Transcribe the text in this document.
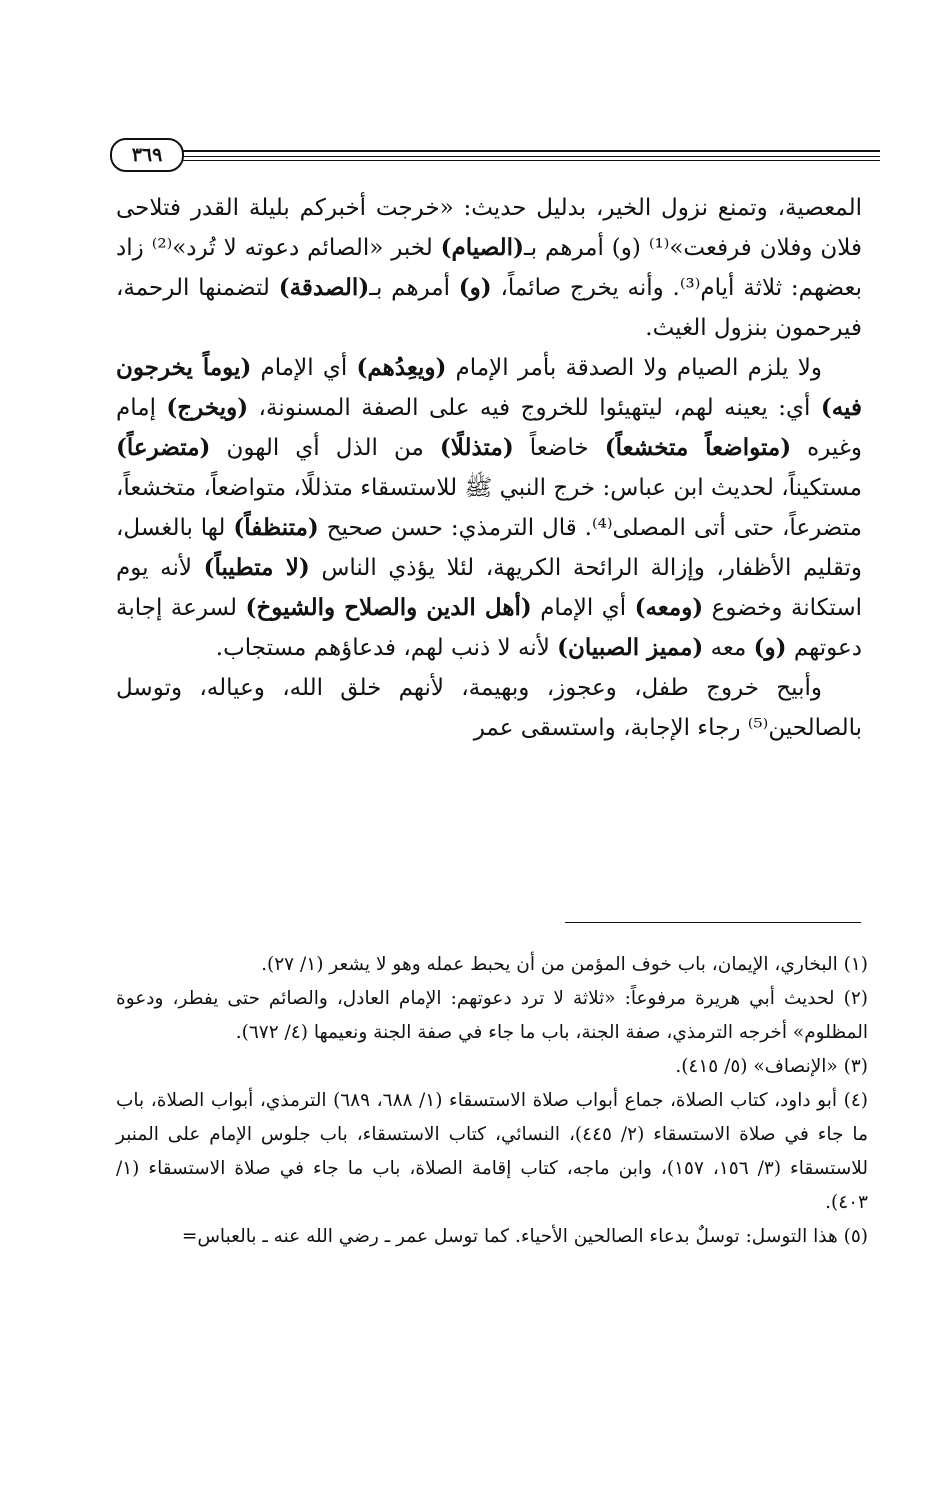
٣٦٩

المعصية، وتمنع نزول الخير، بدليل حديث: «خرجت أخبركم بليلة القدر فتلاحى فلان وفلان فرفعت»⁽¹⁾ (و) أمرهم بـ(الصيام) لخبر «الصائم دعوته لا تُرد»⁽²⁾ زاد بعضهم: ثلاثة أيام⁽³⁾. وأنه يخرج صائماً، (و) أمرهم بـ(الصدقة) لتضمنها الرحمة، فيرحمون بنزول الغيث.

ولا يلزم الصيام ولا الصدقة بأمر الإمام (ويعِدُهم) أي الإمام (يوماً يخرجون فيه) أي: يعينه لهم، ليتهيئوا للخروج فيه على الصفة المسنونة، (ويخرج) إمام وغيره (متواضعاً متخشعاً) خاضعاً (متذللًا) من الذل أي الهون (متضرعاً) مستكيناً، لحديث ابن عباس: خرج النبي ﷺ للاستسقاء متذللًا، متواضعاً، متخشعاً، متضرعاً، حتى أتى المصلى⁽⁴⁾. قال الترمذي: حسن صحيح (متنظفاً) لها بالغسل، وتقليم الأظفار، وإزالة الرائحة الكريهة، لئلا يؤذي الناس (لا متطيباً) لأنه يوم استكانة وخضوع (ومعه) أي الإمام (أهل الدين والصلاح والشيوخ) لسرعة إجابة دعوتهم (و) معه (مميز الصبيان) لأنه لا ذنب لهم، فدعاؤهم مستجاب.

وأبيح خروج طفل، وعجوز، وبهيمة، لأنهم خلق الله، وعياله، وتوسل بالصالحين⁽⁵⁾ رجاء الإجابة، واستسقى عمر

(١) البخاري، الإيمان، باب خوف المؤمن من أن يحبط عمله وهو لا يشعر (١/ ٢٧).

(٢) لحديث أبي هريرة مرفوعاً: «ثلاثة لا ترد دعوتهم: الإمام العادل، والصائم حتى يفطر، ودعوة المظلوم» أخرجه الترمذي، صفة الجنة، باب ما جاء في صفة الجنة ونعيمها (٤/ ٦٧٢).

(٣) «الإنصاف» (٥/ ٤١٥).

(٤) أبو داود، كتاب الصلاة، جماع أبواب صلاة الاستسقاء (١/ ٦٨٨، ٦٨٩) الترمذي، أبواب الصلاة، باب ما جاء في صلاة الاستسقاء (٢/ ٤٤٥)، النسائي، كتاب الاستسقاء، باب جلوس الإمام على المنبر للاستسقاء (٣/ ١٥٦، ١٥٧)، وابن ماجه، كتاب إقامة الصلاة، باب ما جاء في صلاة الاستسقاء (١/ ٤٠٣).

(٥) هذا التوسل: توسلٌ بدعاء الصالحين الأحياء. كما توسل عمر ـ رضي الله عنه ـ بالعباس=
